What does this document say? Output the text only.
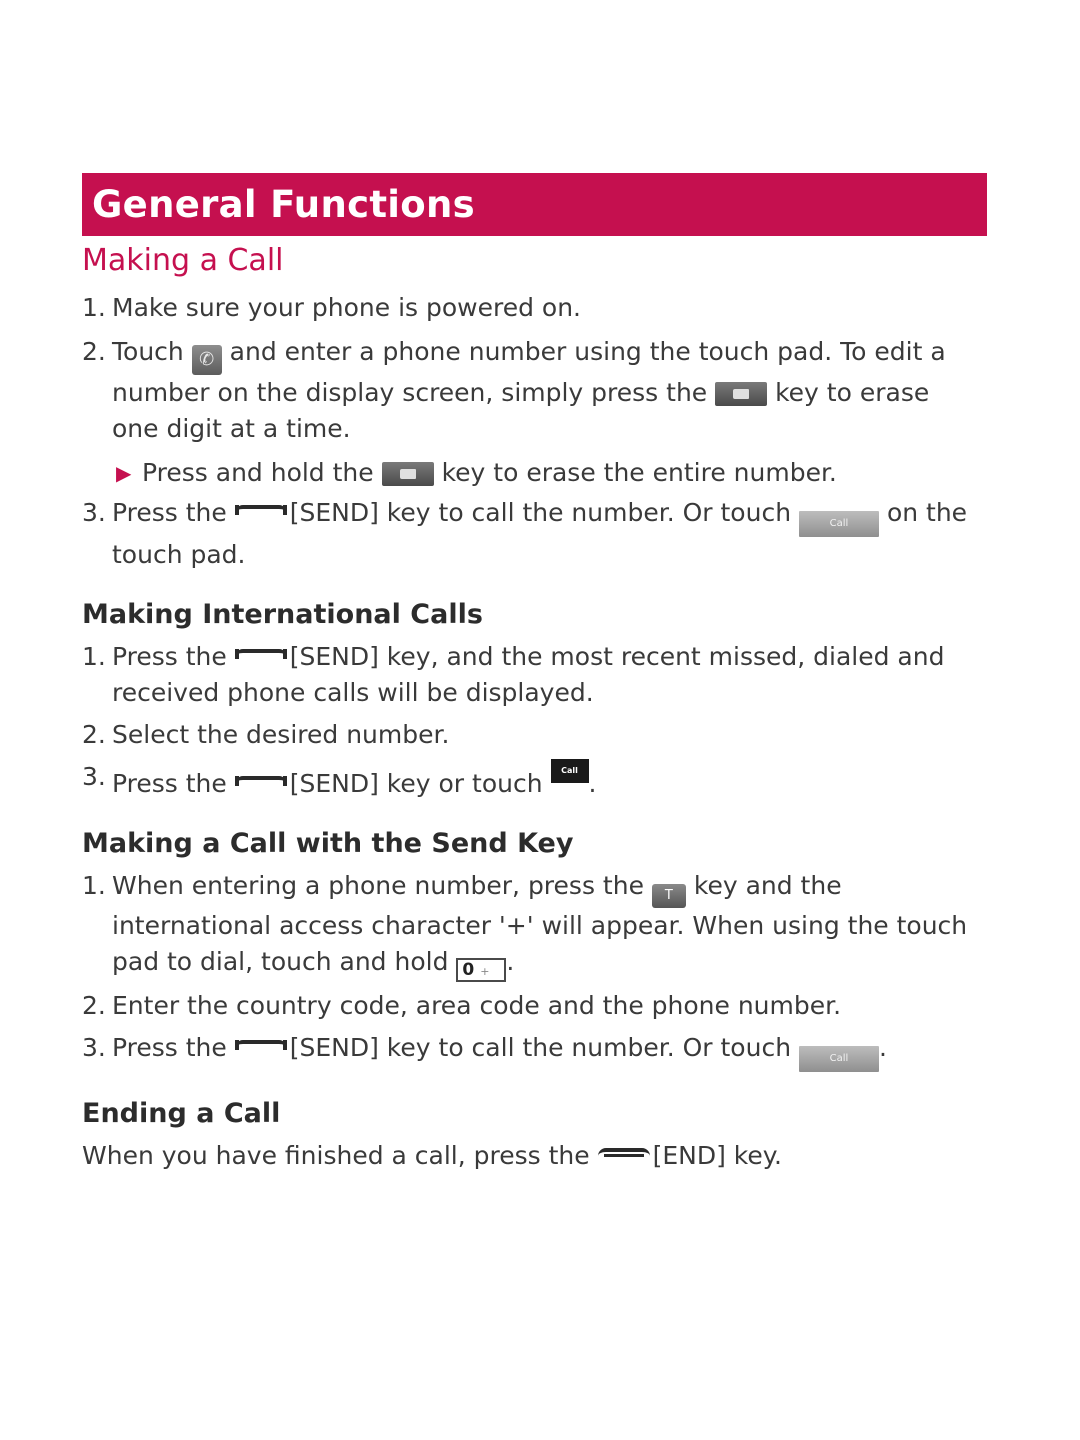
General Functions
Making a Call
1. Make sure your phone is powered on.
2. Touch ✆ and enter a phone number using the touch pad. To edit a number on the display screen, simply press the	key to erase one digit at a time.
▶ Press and hold the	key to erase the entire number.
3. Press the	[SEND] key to call the number. Or touch	Call on the touch pad.
Making International Calls
1. Press the	[SEND] key, and the most recent missed, dialed and received phone calls will be displayed.
2. Select the desired number.
3. Press the	[SEND] key or touch Call Back .
Making a Call with the Send Key
1. When entering a phone number, press the T key and the international access character '+' will appear. When using the touch pad to dial, touch and hold 0 + .
2. Enter the country code, area code and the phone number.
3. Press the	[SEND] key to call the number. Or touch	Call .
Ending a Call

When you have finished a call, press the	[END] key.
